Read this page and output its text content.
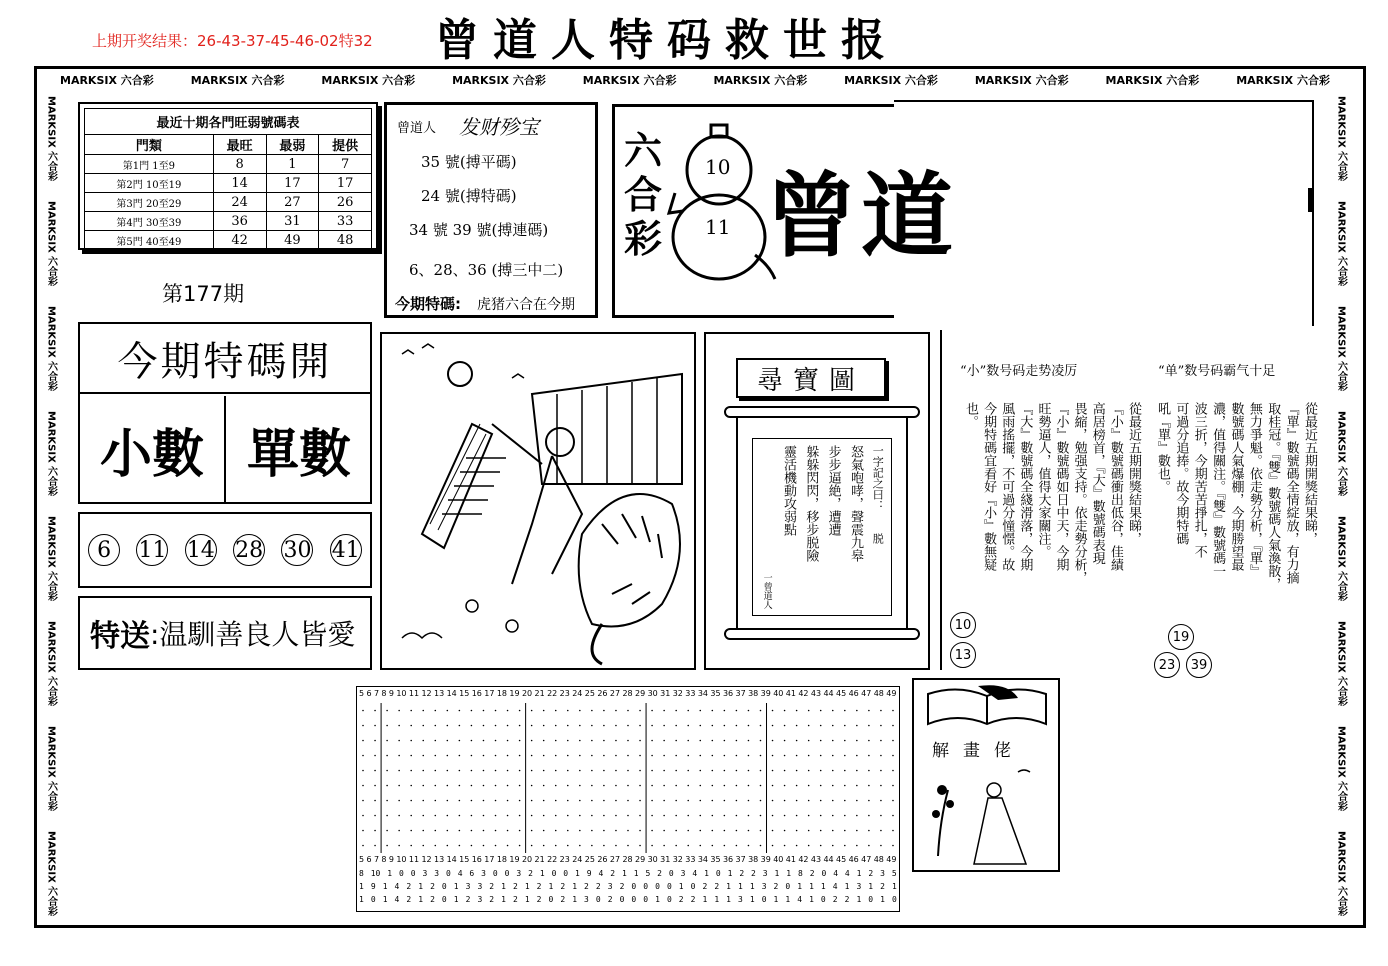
上期开奖结果：26-43-37-45-46-02特32 曾道人特码救世报
MARKSIX 六合彩	MARKSIX 六合彩	MARKSIX 六合彩	MARKSIX 六合彩	MARKSIX 六合彩	MARKSIX 六合彩	MARKSIX 六合彩	MARKSIX 六合彩	MARKSIX 六合彩	MARKSIX 六合彩
MARKSIX 六合彩
MARKSIX 六合彩
MARKSIX 六合彩
MARKSIX 六合彩
MARKSIX 六合彩
MARKSIX 六合彩
MARKSIX 六合彩
MARKSIX 六合彩
MARKSIX 六合彩
MARKSIX 六合彩
MARKSIX 六合彩
MARKSIX 六合彩
MARKSIX 六合彩
MARKSIX 六合彩
MARKSIX 六合彩
MARKSIX 六合彩
最近十期各門旺弱號碼表
門類	最旺	最弱	提供
第1門 1至9	8	1	7
第2門 10至19	14	17	17
第3門 20至29	24	27	26
第4門 30至39	36	31	33
第5門 40至49	42	49	48
第177期
曾道人 发财殄宝
35 號(搏平碼)
24 號(搏特碼)
34 號 39 號(搏連碼)
6、28、36 (搏三中二)
今期特碼: 虎猪六合在今期
六
合
彩
10
11 曾道
今期特碼開
小數 單數
6	11 14 28 30 41
特送 :温馴善良人皆愛
尋寶圖
一字記之曰：　　脱
怒氣咆哮，聲震九皋
步步逼絶，遭遭
躲躲閃閃，移步脱險
靈活機動攻弱點
一曾道人
“小”数号码走势凌厉	“单”数号码霸气十足
從最近五期開獎結果睇，
『小』數號碼衝出低谷，佳績
高居榜首，『大』數號碼表現
畏縮，勉强支持。依走勢分析，
『小』數號碼如日中天，今期
旺勢逼人，值得大家關注。
『大』數號碼全綫滑落，今期
風雨搖擺，不可過分憧憬。故
今期特碼宜看好『小』數無疑
也。	從最近五期開獎結果睇，
『單』數號碼全情綻放，有力摘
取桂冠。『雙』數號碼人氣渙散，
無力爭魁。依走勢分析，『單』
數號碼人氣爆棚，今期勝望最
濃，值得關注。『雙』數號碼一
波三折，今期苦苦掙扎，不
可過分追捧。故今期特碼
吼『單』數也。
10
13
19
23	39
5 6 7 8 9 10 11 12 13 14 15 16 17 18 19 20 21 22 23 24 25 26 27 28 29 30 31 32 33 34 35 36 37 38 39 40 41 42 43 44 45 46 47 48 49
5 6 7 8 9 10 11 12 13 14 15 16 17 18 19 20 21 22 23 24 25 26 27 28 29 30 31 32 33 34 35 36 37 38 39 40 41 42 43 44 45 46 47 48 49
8 10 1 0 0 3 3 0 4 6 3 0 0 3 2 1 0 0 1 9 4 2 1 1 5 2 0 3 4 1 0 1 2 2 3 1 1 8 2 0 4 4 1 2 3 5
1 9 1 4 2 1 2 0 1 3 3 2 1 2 1 2 1 2 1 2 2 3 2 0 0 0 0 1 0 2 2 1 1 1 3 2 0 1 1 1 4 1 3 1 2 1
1 0 1 4 2 1 2 0 1 2 3 2 1 2 1 2 0 2 1 3 0 2 0 0 0 1 0 2 2 1 1 1 3 1 0 1 1 4 1 0 2 2 1 0 1 0
解畫佬
